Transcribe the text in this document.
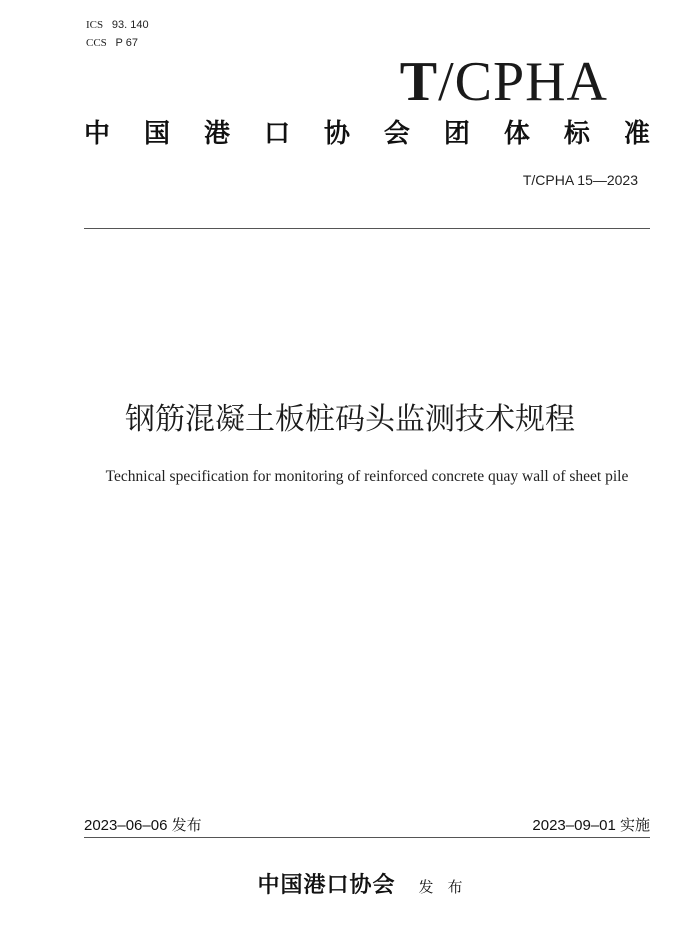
ICS 93. 140
CCS P 67
T/CPHA
中 国 港 口 协 会 团 体 标 准
T/CPHA 15—2023
钢筋混凝土板桩码头监测技术规程
Technical specification for monitoring of reinforced concrete quay wall of sheet pile
2023–06–06 发布	2023–09–01 实施
中国港口协会 发布
